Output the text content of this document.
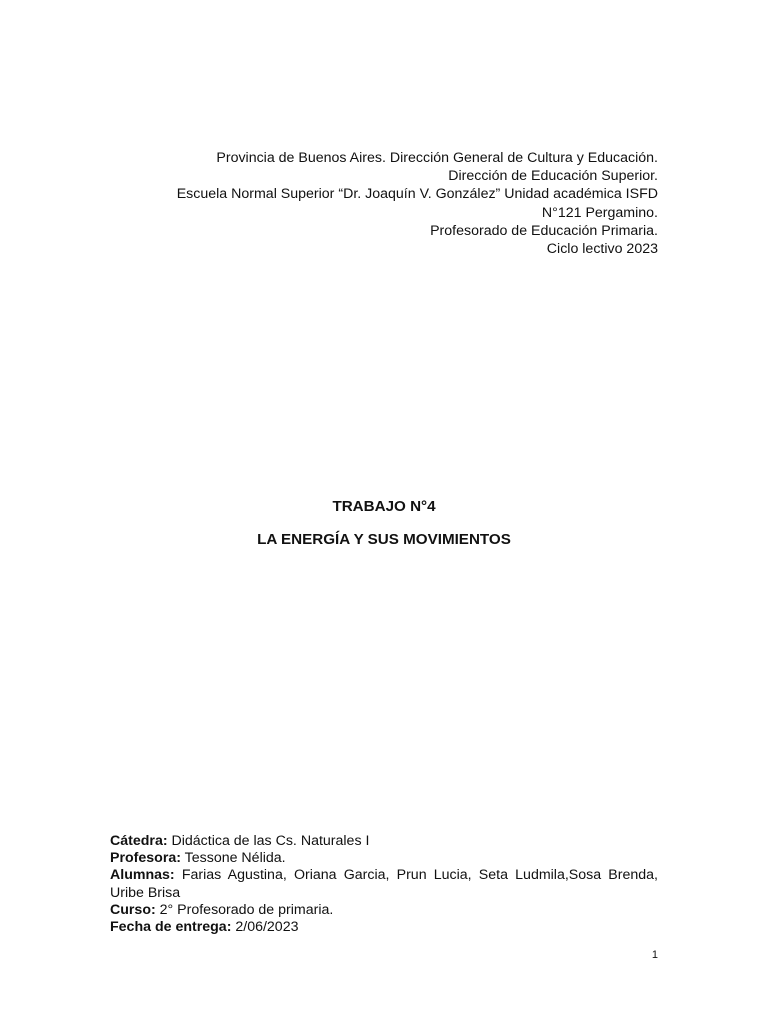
Provincia de Buenos Aires. Dirección General de Cultura y Educación.
Dirección de Educación Superior.
Escuela Normal Superior “Dr. Joaquín V. González” Unidad académica ISFD
N°121 Pergamino.
Profesorado de Educación Primaria.
Ciclo lectivo 2023
TRABAJO N°4
LA ENERGÍA Y SUS MOVIMIENTOS
Cátedra: Didáctica de las Cs. Naturales I
Profesora: Tessone Nélida.
Alumnas: Farias Agustina, Oriana Garcia, Prun Lucia, Seta Ludmila,Sosa Brenda, Uribe Brisa
Curso: 2° Profesorado de primaria.
Fecha de entrega: 2/06/2023
1
